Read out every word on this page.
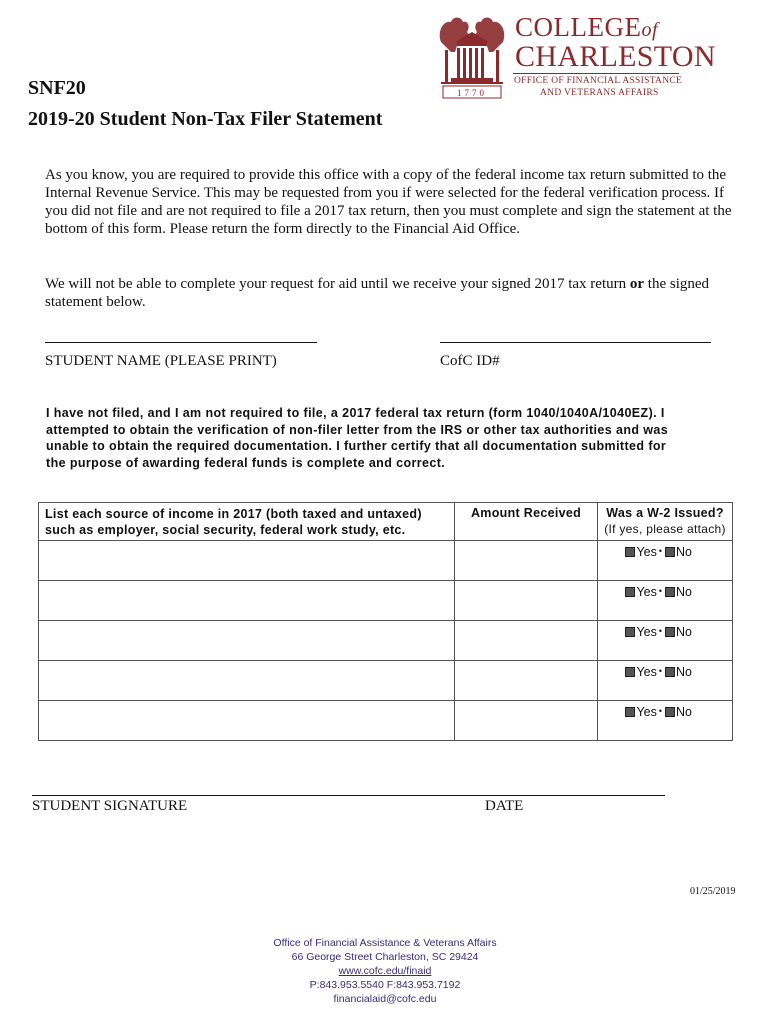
1770
COLLEGEof
CHARLESTON
OFFICE OF FINANCIAL ASSISTANCE
AND VETERANS AFFAIRS
SNF20
2019-20 Student Non-Tax Filer Statement
As you know, you are required to provide this office with a copy of the federal income tax return submitted to the Internal Revenue Service. This may be requested from you if were selected for the federal verification process. If you did not file and are not required to file a 2017 tax return, then you must complete and sign the statement at the bottom of this form. Please return the form directly to the Financial Aid Office.
We will not be able to complete your request for aid until we receive your signed 2017 tax return or the signed statement below.
STUDENT NAME (PLEASE PRINT)	CofC ID#
I have not filed, and I am not required to file, a 2017 federal tax return (form 1040/1040A/1040EZ). I attempted to obtain the verification of non-filer letter from the IRS or other tax authorities and was unable to obtain the required documentation. I further certify that all documentation submitted for the purpose of awarding federal funds is complete and correct.
List each source of income in 2017 (both taxed and untaxed) such as employer, social security, federal work study, etc.	Amount Received	Was a W-2 Issued?
(If yes, please attach)

		Yes • No
		Yes • No
		Yes • No
		Yes • No
		Yes • No
STUDENT SIGNATURE	DATE
01/25/2019
Office of Financial Assistance & Veterans Affairs
66 George Street Charleston, SC 29424
www.cofc.edu/finaid
P:843.953.5540 F:843.953.7192
financialaid@cofc.edu
